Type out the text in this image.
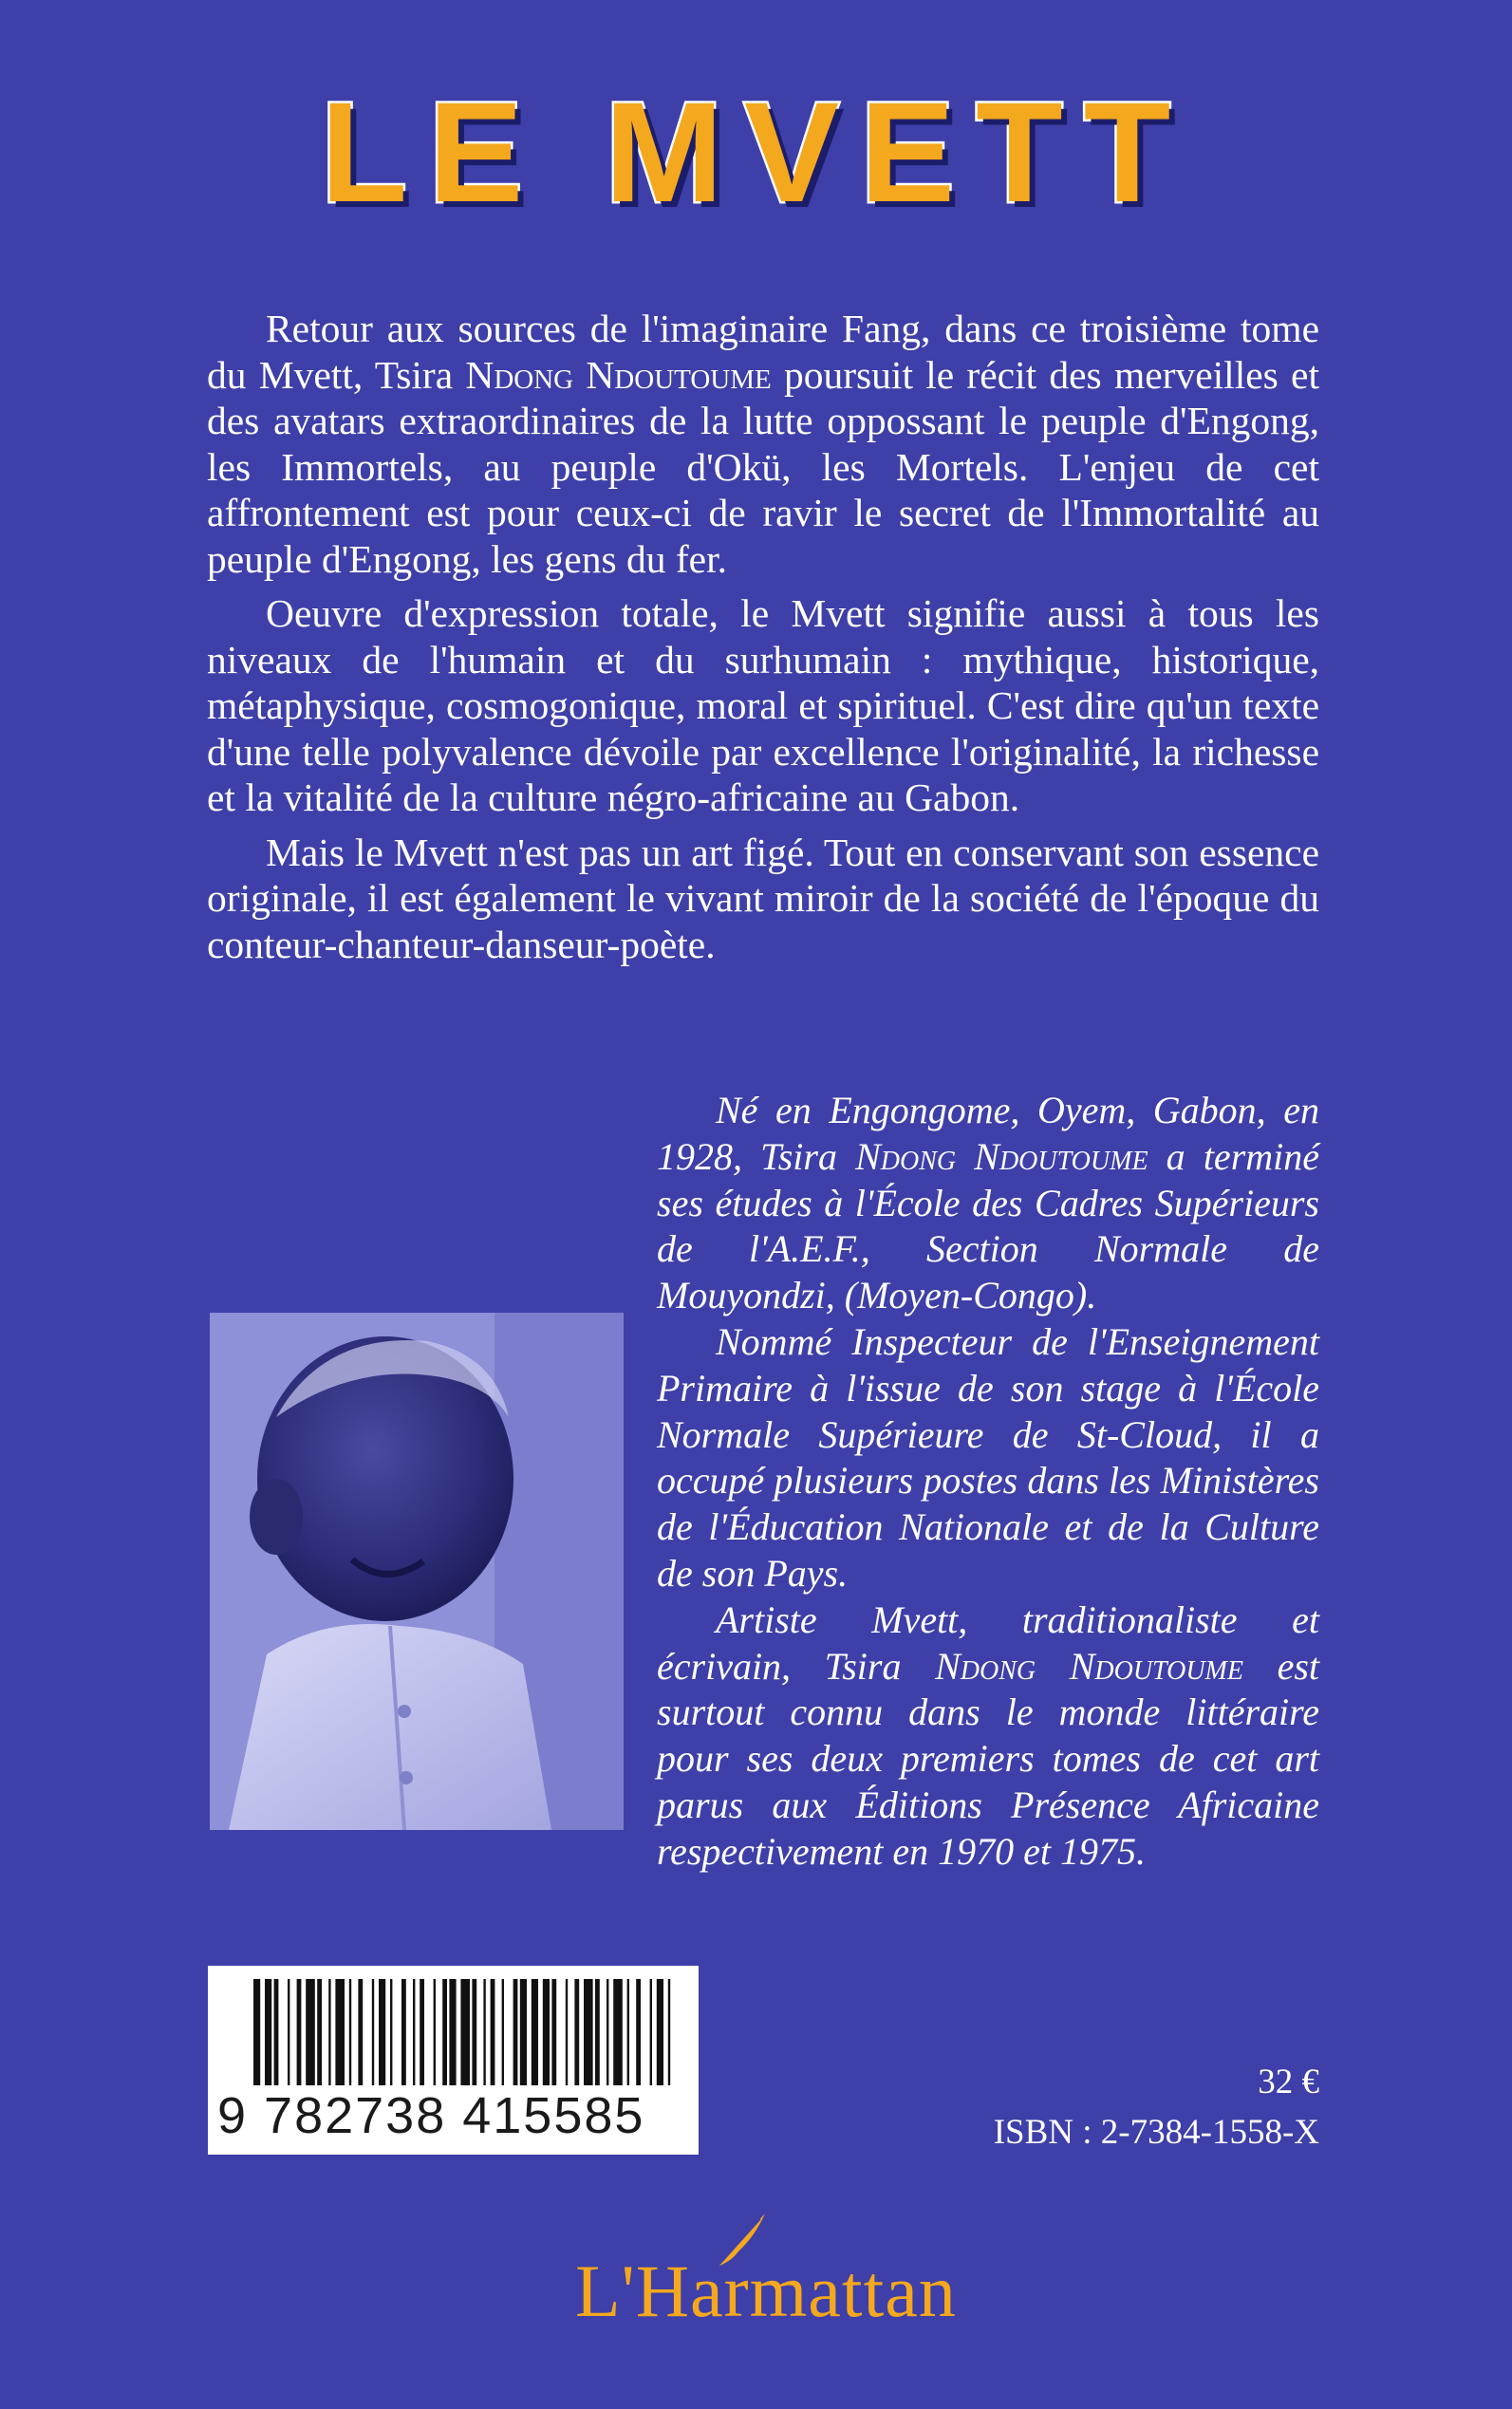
LE MVETT

Retour aux sources de l'imaginaire Fang, dans ce troisième tome du Mvett, Tsira Ndong Ndoutoume poursuit le récit des merveilles et des avatars extraordinaires de la lutte oppossant le peuple d'Engong, les Immortels, au peuple d'Okü, les Mortels. L'enjeu de cet affrontement est pour ceux-ci de ravir le secret de l'Immortalité au peuple d'Engong, les gens du fer.

Oeuvre d'expression totale, le Mvett signifie aussi à tous les niveaux de l'humain et du surhumain : mythique, historique, métaphysique, cosmogonique, moral et spirituel. C'est dire qu'un texte d'une telle polyvalence dévoile par excellence l'originalité, la richesse et la vitalité de la culture négro-africaine au Gabon.

Mais le Mvett n'est pas un art figé. Tout en conservant son essence originale, il est également le vivant miroir de la société de l'époque du conteur-chanteur-danseur-poète.

Né en Engongome, Oyem, Gabon, en 1928, Tsira Ndong Ndoutoume a terminé ses études à l'École des Cadres Supérieurs de l'A.E.F., Section Normale de Mouyondzi, (Moyen-Congo).

Nommé Inspecteur de l'Enseignement Primaire à l'issue de son stage à l'École Normale Supérieure de St-Cloud, il a occupé plusieurs postes dans les Ministères de l'Éducation Nationale et de la Culture de son Pays.

Artiste Mvett, traditionaliste et écrivain, Tsira Ndong Ndoutoume est surtout connu dans le monde littéraire pour ses deux premiers tomes de cet art parus aux Éditions Présence Africaine respectivement en 1970 et 1975.

9 782738 415585
32 €
ISBN : 2-7384-1558-X
L'Harmattan
